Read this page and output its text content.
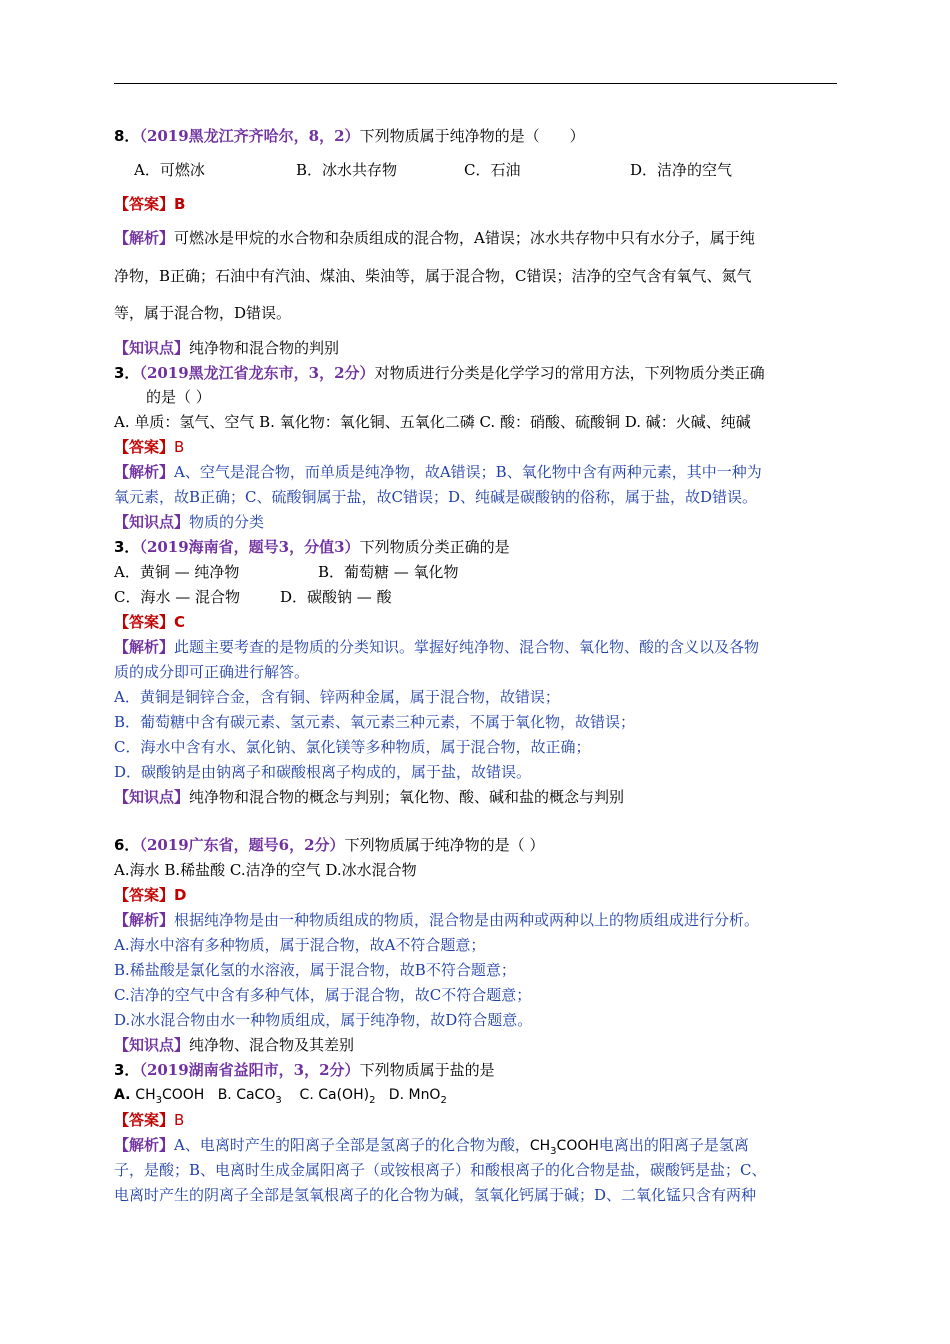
8．（2019黑龙江齐齐哈尔，8，2）下列物质属于纯净物的是（　　）
A．可燃冰	B．冰水共存物	C．石油	D．洁净的空气
【答案】B
【解析】可燃冰是甲烷的水合物和杂质组成的混合物，A错误；冰水共存物中只有水分子，属于纯
净物，B正确；石油中有汽油、煤油、柴油等，属于混合物，C错误；洁净的空气含有氧气、氮气
等，属于混合物，D错误。
【知识点】纯净物和混合物的判别
3．（2019黑龙江省龙东市，3，2分）对物质进行分类是化学学习的常用方法，下列物质分类正确
的是（ ）
A. 单质：氢气、空气 B. 氧化物：氧化铜、五氧化二磷 C. 酸：硝酸、硫酸铜 D. 碱：火碱、纯碱
【答案】B
【解析】A、空气是混合物，而单质是纯净物，故A错误；B、氧化物中含有两种元素，其中一种为
氧元素，故B正确；C、硫酸铜属于盐，故C错误；D、纯碱是碳酸钠的俗称，属于盐，故D错误。
【知识点】物质的分类
3．（2019海南省，题号3，分值3）下列物质分类正确的是
A．黄铜 — 纯净物	B．葡萄糖 — 氧化物
C．海水 — 混合物	D．碳酸钠 — 酸
【答案】C
【解析】此题主要考查的是物质的分类知识。掌握好纯净物、混合物、氧化物、酸的含义以及各物
质的成分即可正确进行解答。
A．黄铜是铜锌合金，含有铜、锌两种金属，属于混合物，故错误；
B．葡萄糖中含有碳元素、氢元素、氧元素三种元素，不属于氧化物，故错误；
C．海水中含有水、氯化钠、氯化镁等多种物质，属于混合物，故正确；
D．碳酸钠是由钠离子和碳酸根离子构成的，属于盐，故错误。
【知识点】纯净物和混合物的概念与判别；氧化物、酸、碱和盐的概念与判别
6．（2019广东省，题号6，2分）下列物质属于纯净物的是（ ）
A.海水 B.稀盐酸 C.洁净的空气 D.冰水混合物
【答案】D
【解析】根据纯净物是由一种物质组成的物质，混合物是由两种或两种以上的物质组成进行分析。
A.海水中溶有多种物质，属于混合物，故A不符合题意；
B.稀盐酸是氯化氢的水溶液，属于混合物，故B不符合题意；
C.洁净的空气中含有多种气体，属于混合物，故C不符合题意；
D.冰水混合物由水一种物质组成，属于纯净物，故D符合题意。
【知识点】纯净物、混合物及其差别
3．（2019湖南省益阳市，3，2分）下列物质属于盐的是
A. $CH_3COOH$ B. CaCO$_3$ C. $Ca(OH)_2$ D. MnO$_2$
【答案】B
【解析】A、电离时产生的阳离子全部是氢离子的化合物为酸，$CH_3COOH$电离出的阳离子是氢离
子，是酸；B、电离时生成金属阳离子（或铵根离子）和酸根离子的化合物是盐，碳酸钙是盐；C、
电离时产生的阴离子全部是氢氧根离子的化合物为碱，氢氧化钙属于碱；D、二氧化锰只含有两种
